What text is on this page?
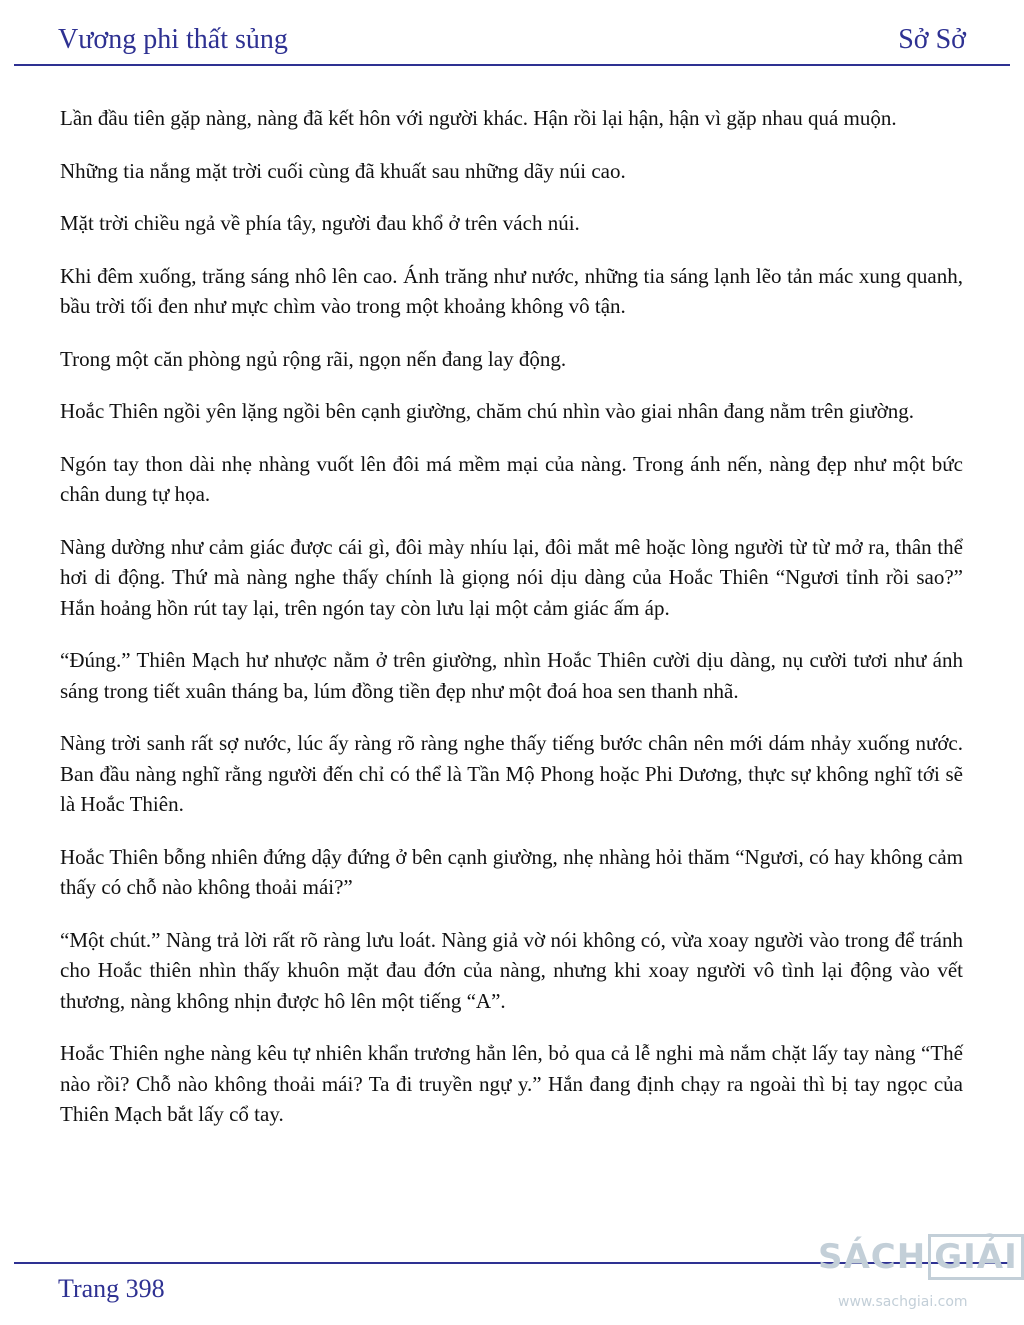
Vương phi thất sủng	Sở Sở

Lần đầu tiên gặp nàng, nàng đã kết hôn với người khác. Hận rồi lại hận, hận vì gặp nhau quá muộn.

Những tia nắng mặt trời cuối cùng đã khuất sau những dãy núi cao.

Mặt trời chiều ngả về phía tây, người đau khổ ở trên vách núi.

Khi đêm xuống, trăng sáng nhô lên cao. Ánh trăng như nước, những tia sáng lạnh lẽo tản mác xung quanh, bầu trời tối đen như mực chìm vào trong một khoảng không vô tận.

Trong một căn phòng ngủ rộng rãi, ngọn nến đang lay động.

Hoắc Thiên ngồi yên lặng ngồi bên cạnh giường, chăm chú nhìn vào giai nhân đang nằm trên giường.

Ngón tay thon dài nhẹ nhàng vuốt lên đôi má mềm mại của nàng. Trong ánh nến, nàng đẹp như một bức chân dung tự họa.

Nàng dường như cảm giác được cái gì, đôi mày nhíu lại, đôi mắt mê hoặc lòng người từ từ mở ra, thân thể hơi di động. Thứ mà nàng nghe thấy chính là giọng nói dịu dàng của Hoắc Thiên “Ngươi tỉnh rồi sao?” Hắn hoảng hồn rút tay lại, trên ngón tay còn lưu lại một cảm giác ấm áp.

“Đúng.” Thiên Mạch hư nhược nằm ở trên giường, nhìn Hoắc Thiên cười dịu dàng, nụ cười tươi như ánh sáng trong tiết xuân tháng ba, lúm đồng tiền đẹp như một đoá hoa sen thanh nhã.

Nàng trời sanh rất sợ nước, lúc ấy ràng rõ ràng nghe thấy tiếng bước chân nên mới dám nhảy xuống nước. Ban đầu nàng nghĩ rằng người đến chỉ có thể là Tần Mộ Phong hoặc Phi Dương, thực sự không nghĩ tới sẽ là Hoắc Thiên.

Hoắc Thiên bỗng nhiên đứng dậy đứng ở bên cạnh giường, nhẹ nhàng hỏi thăm “Ngươi, có hay không cảm thấy có chỗ nào không thoải mái?”

“Một chút.” Nàng trả lời rất rõ ràng lưu loát. Nàng giả vờ nói không có, vừa xoay người vào trong để tránh cho Hoắc thiên nhìn thấy khuôn mặt đau đớn của nàng, nhưng khi xoay người vô tình lại động vào vết thương, nàng không nhịn được hô lên một tiếng “A”.

Hoắc Thiên nghe nàng kêu tự nhiên khẩn trương hẳn lên, bỏ qua cả lễ nghi mà nắm chặt lấy tay nàng “Thế nào rồi? Chỗ nào không thoải mái? Ta đi truyền ngự y.” Hắn đang định chạy ra ngoài thì bị tay ngọc của Thiên Mạch bắt lấy cổ tay.

Trang 398
SÁCH GIẢI
www.sachgiai.com
